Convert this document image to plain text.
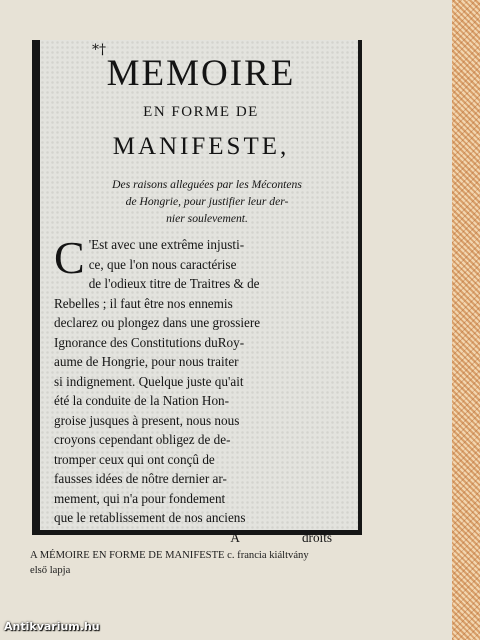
*†
MEMOIRE
EN FORME DE
MANIFESTE,
Des raisons alleguées par les Mécontens
de Hongrie, pour justifier leur der-
nier soulevement.
C 'Est avec une extrême injusti-
ce, que l'on nous caractérise
de l'odieux titre de Traitres & de
Rebelles ; il faut être nos ennemis
declarez ou plongez dans une grossiere
Ignorance des Constitutions duRoy-
aume de Hongrie, pour nous traiter
si indignement. Quelque juste qu'ait
été la conduite de la Nation Hon-
groise jusques à present, nous nous
croyons cependant obligez de de-
tromper ceux qui ont conçû de
fausses idées de nôtre dernier ar-
mement, qui n'a pour fondement
que le retablissement de nos anciens
A	droits
A MÉMOIRE EN FORME DE MANIFESTE c. francia kiáltvány
első lapja
Antikvarium.hu
